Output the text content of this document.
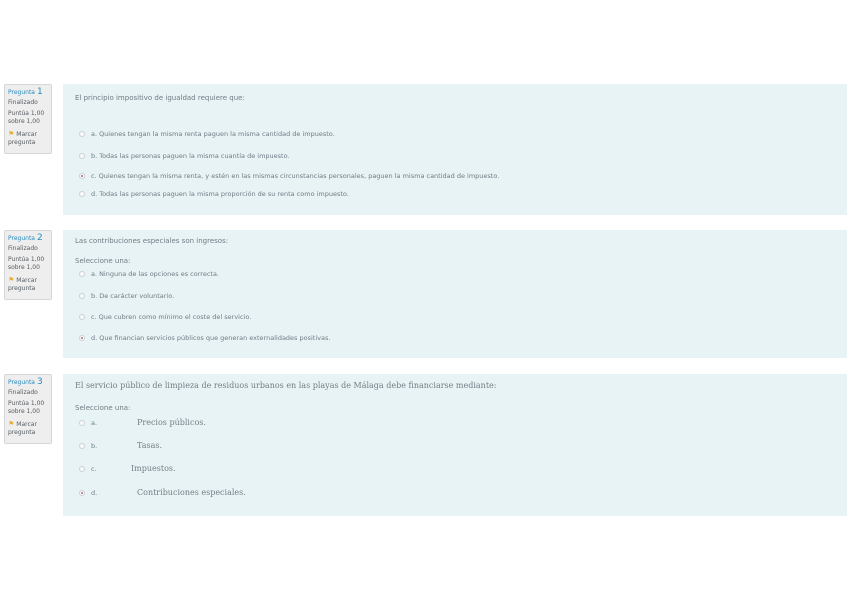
Pregunta 1
Finalizado
Puntúa 1,00
sobre 1,00
⚑ Marcar
pregunta
El principio impositivo de igualdad requiere que:
a. Quienes tengan la misma renta paguen la misma cantidad de impuesto.
b. Todas las personas paguen la misma cuantía de impuesto.
c. Quienes tengan la misma renta, y estén en las mismas circunstancias personales, paguen la misma cantidad de impuesto.
d. Todas las personas paguen la misma proporción de su renta como impuesto.
Pregunta 2
Finalizado
Puntúa 1,00
sobre 1,00
⚑ Marcar
pregunta
Las contribuciones especiales son ingresos:
Seleccione una:
a. Ninguna de las opciones es correcta.
b. De carácter voluntario.
c. Que cubren como mínimo el coste del servicio.
d. Que financian servicios públicos que generan externalidades positivas.
Pregunta 3
Finalizado
Puntúa 1,00
sobre 1,00
⚑ Marcar
pregunta
El servicio público de limpieza de residuos urbanos en las playas de Málaga debe financiarse mediante:
Seleccione una:
a.	Precios públicos.
b.	Tasas.
c.	Impuestos.
d.	Contribuciones especiales.
